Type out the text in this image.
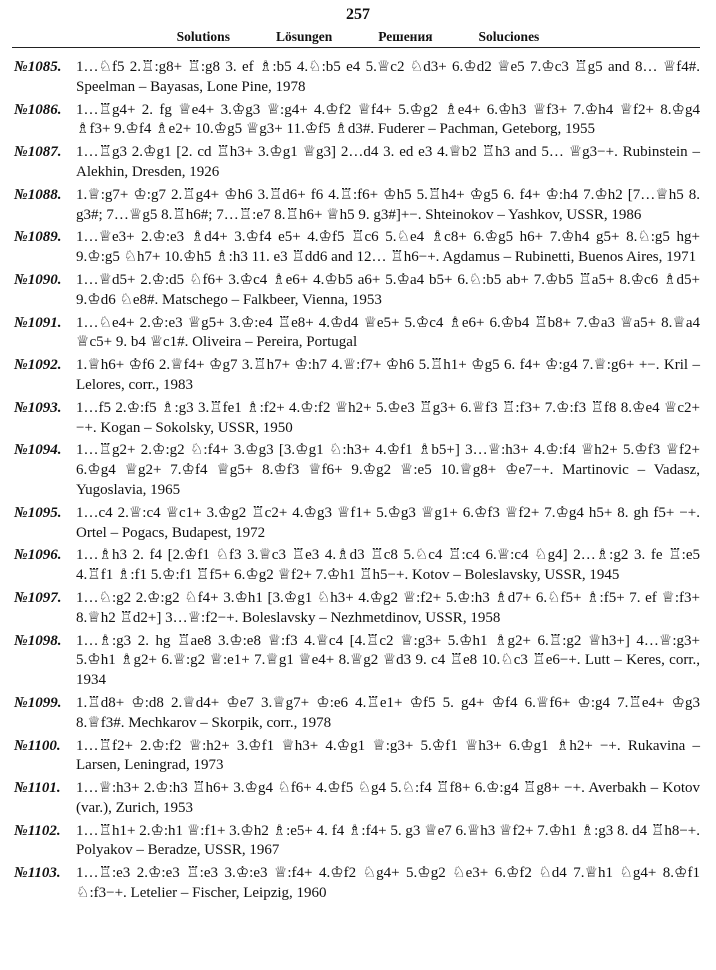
257
Solutions	Lösungen	Решения	Soluciones
№1085. 1…♘f5 2.♖:g8+ ♖:g8 3. ef ♗:b5 4.♘:b5 e4 5.♕c2 ♘d3+ 6.♔d2 ♕e5 7.♔c3 ♖g5 and 8… ♕f4#. Speelman – Bayasas, Lone Pine, 1978
№1086. 1…♖g4+ 2. fg ♕e4+ 3.♔g3 ♕:g4+ 4.♔f2 ♕f4+ 5.♔g2 ♗e4+ 6.♔h3 ♕f3+ 7.♔h4 ♕f2+ 8.♔g4 ♗f3+ 9.♔f4 ♗e2+ 10.♔g5 ♕g3+ 11.♔f5 ♗d3#. Fuderer – Pachman, Geteborg, 1955
№1087. 1…♖g3 2.♔g1 [2. cd ♖h3+ 3.♔g1 ♕g3] 2…d4 3. ed e3 4.♕b2 ♖h3 and 5… ♕g3−+. Rubinstein – Alekhin, Dresden, 1926
№1088. 1.♕:g7+ ♔:g7 2.♖g4+ ♔h6 3.♖d6+ f6 4.♖:f6+ ♔h5 5.♖h4+ ♔g5 6. f4+ ♔:h4 7.♔h2 [7…♕h5 8. g3#; 7…♕g5 8.♖h6#; 7…♖:e7 8.♖h6+ ♕h5 9. g3#]+−. Shteinokov – Yashkov, USSR, 1986
№1089. 1…♕e3+ 2.♔:e3 ♗d4+ 3.♔f4 e5+ 4.♔f5 ♖c6 5.♘e4 ♗c8+ 6.♔g5 h6+ 7.♔h4 g5+ 8.♘:g5 hg+ 9.♔:g5 ♘h7+ 10.♔h5 ♗:h3 11. e3 ♖dd6 and 12… ♖h6−+. Agdamus – Rubinetti, Buenos Aires, 1971
№1090. 1…♕d5+ 2.♔:d5 ♘f6+ 3.♔c4 ♗e6+ 4.♔b5 a6+ 5.♔a4 b5+ 6.♘:b5 ab+ 7.♔b5 ♖a5+ 8.♔c6 ♗d5+ 9.♔d6 ♘e8#. Matschego – Falkbeer, Vienna, 1953
№1091. 1…♘e4+ 2.♔:e3 ♕g5+ 3.♔:e4 ♖e8+ 4.♔d4 ♕e5+ 5.♔c4 ♗e6+ 6.♔b4 ♖b8+ 7.♔a3 ♕a5+ 8.♕a4 ♕c5+ 9. b4 ♕c1#. Oliveira – Pereira, Portugal
№1092. 1.♕h6+ ♔f6 2.♕f4+ ♔g7 3.♖h7+ ♔:h7 4.♕:f7+ ♔h6 5.♖h1+ ♔g5 6. f4+ ♔:g4 7.♕:g6+ +−. Kril – Lelores, corr., 1983
№1093. 1…f5 2.♔:f5 ♗:g3 3.♖fe1 ♗:f2+ 4.♔:f2 ♕h2+ 5.♔e3 ♖g3+ 6.♕f3 ♖:f3+ 7.♔:f3 ♖f8 8.♔e4 ♕c2+ −+. Kogan – Sokolsky, USSR, 1950
№1094. 1…♖g2+ 2.♔:g2 ♘:f4+ 3.♔g3 [3.♔g1 ♘:h3+ 4.♔f1 ♗b5+] 3…♕:h3+ 4.♔:f4 ♕h2+ 5.♔f3 ♕f2+ 6.♔g4 ♕g2+ 7.♔f4 ♕g5+ 8.♔f3 ♕f6+ 9.♔g2 ♕:e5 10.♕g8+ ♔e7−+. Martinovic – Vadasz, Yugoslavia, 1965
№1095. 1…c4 2.♕:c4 ♕c1+ 3.♔g2 ♖c2+ 4.♔g3 ♕f1+ 5.♔g3 ♕g1+ 6.♔f3 ♕f2+ 7.♔g4 h5+ 8. gh f5+ −+. Ortel – Pogacs, Budapest, 1972
№1096. 1…♗h3 2. f4 [2.♔f1 ♘f3 3.♕c3 ♖e3 4.♗d3 ♖c8 5.♘c4 ♖:c4 6.♕:c4 ♘g4] 2…♗:g2 3. fe ♖:e5 4.♖f1 ♗:f1 5.♔:f1 ♖f5+ 6.♔g2 ♕f2+ 7.♔h1 ♖h5−+. Kotov – Boleslavsky, USSR, 1945
№1097. 1…♘:g2 2.♔:g2 ♘f4+ 3.♔h1 [3.♔g1 ♘h3+ 4.♔g2 ♕:f2+ 5.♔:h3 ♗d7+ 6.♘f5+ ♗:f5+ 7. ef ♕:f3+ 8.♕h2 ♖d2+] 3…♕:f2−+. Boleslavsky – Nezhmetdinov, USSR, 1958
№1098. 1…♗:g3 2. hg ♖ae8 3.♔:e8 ♕:f3 4.♕c4 [4.♖c2 ♕:g3+ 5.♔h1 ♗g2+ 6.♖:g2 ♕h3+] 4…♕:g3+ 5.♔h1 ♗g2+ 6.♕:g2 ♕:e1+ 7.♕g1 ♕e4+ 8.♕g2 ♕d3 9. c4 ♖e8 10.♘c3 ♖e6−+. Lutt – Keres, corr., 1934
№1099. 1.♖d8+ ♔:d8 2.♕d4+ ♔e7 3.♕g7+ ♔:e6 4.♖e1+ ♔f5 5. g4+ ♔f4 6.♕f6+ ♔:g4 7.♖e4+ ♔g3 8.♕f3#. Mechkarov – Skorpik, corr., 1978
№1100. 1…♖f2+ 2.♔:f2 ♕:h2+ 3.♔f1 ♕h3+ 4.♔g1 ♕:g3+ 5.♔f1 ♕h3+ 6.♔g1 ♗h2+ −+. Rukavina – Larsen, Leningrad, 1973
№1101. 1…♕:h3+ 2.♔:h3 ♖h6+ 3.♔g4 ♘f6+ 4.♔f5 ♘g4 5.♘:f4 ♖f8+ 6.♔:g4 ♖g8+ −+. Averbakh – Kotov (var.), Zurich, 1953
№1102. 1…♖h1+ 2.♔:h1 ♕:f1+ 3.♔h2 ♗:e5+ 4. f4 ♗:f4+ 5. g3 ♕e7 6.♕h3 ♕f2+ 7.♔h1 ♗:g3 8. d4 ♖h8−+. Polyakov – Beradze, USSR, 1967
№1103. 1…♖:e3 2.♔:e3 ♖:e3 3.♔:e3 ♕:f4+ 4.♔f2 ♘g4+ 5.♔g2 ♘e3+ 6.♔f2 ♘d4 7.♕h1 ♘g4+ 8.♔f1 ♘:f3−+. Letelier – Fischer, Leipzig, 1960
